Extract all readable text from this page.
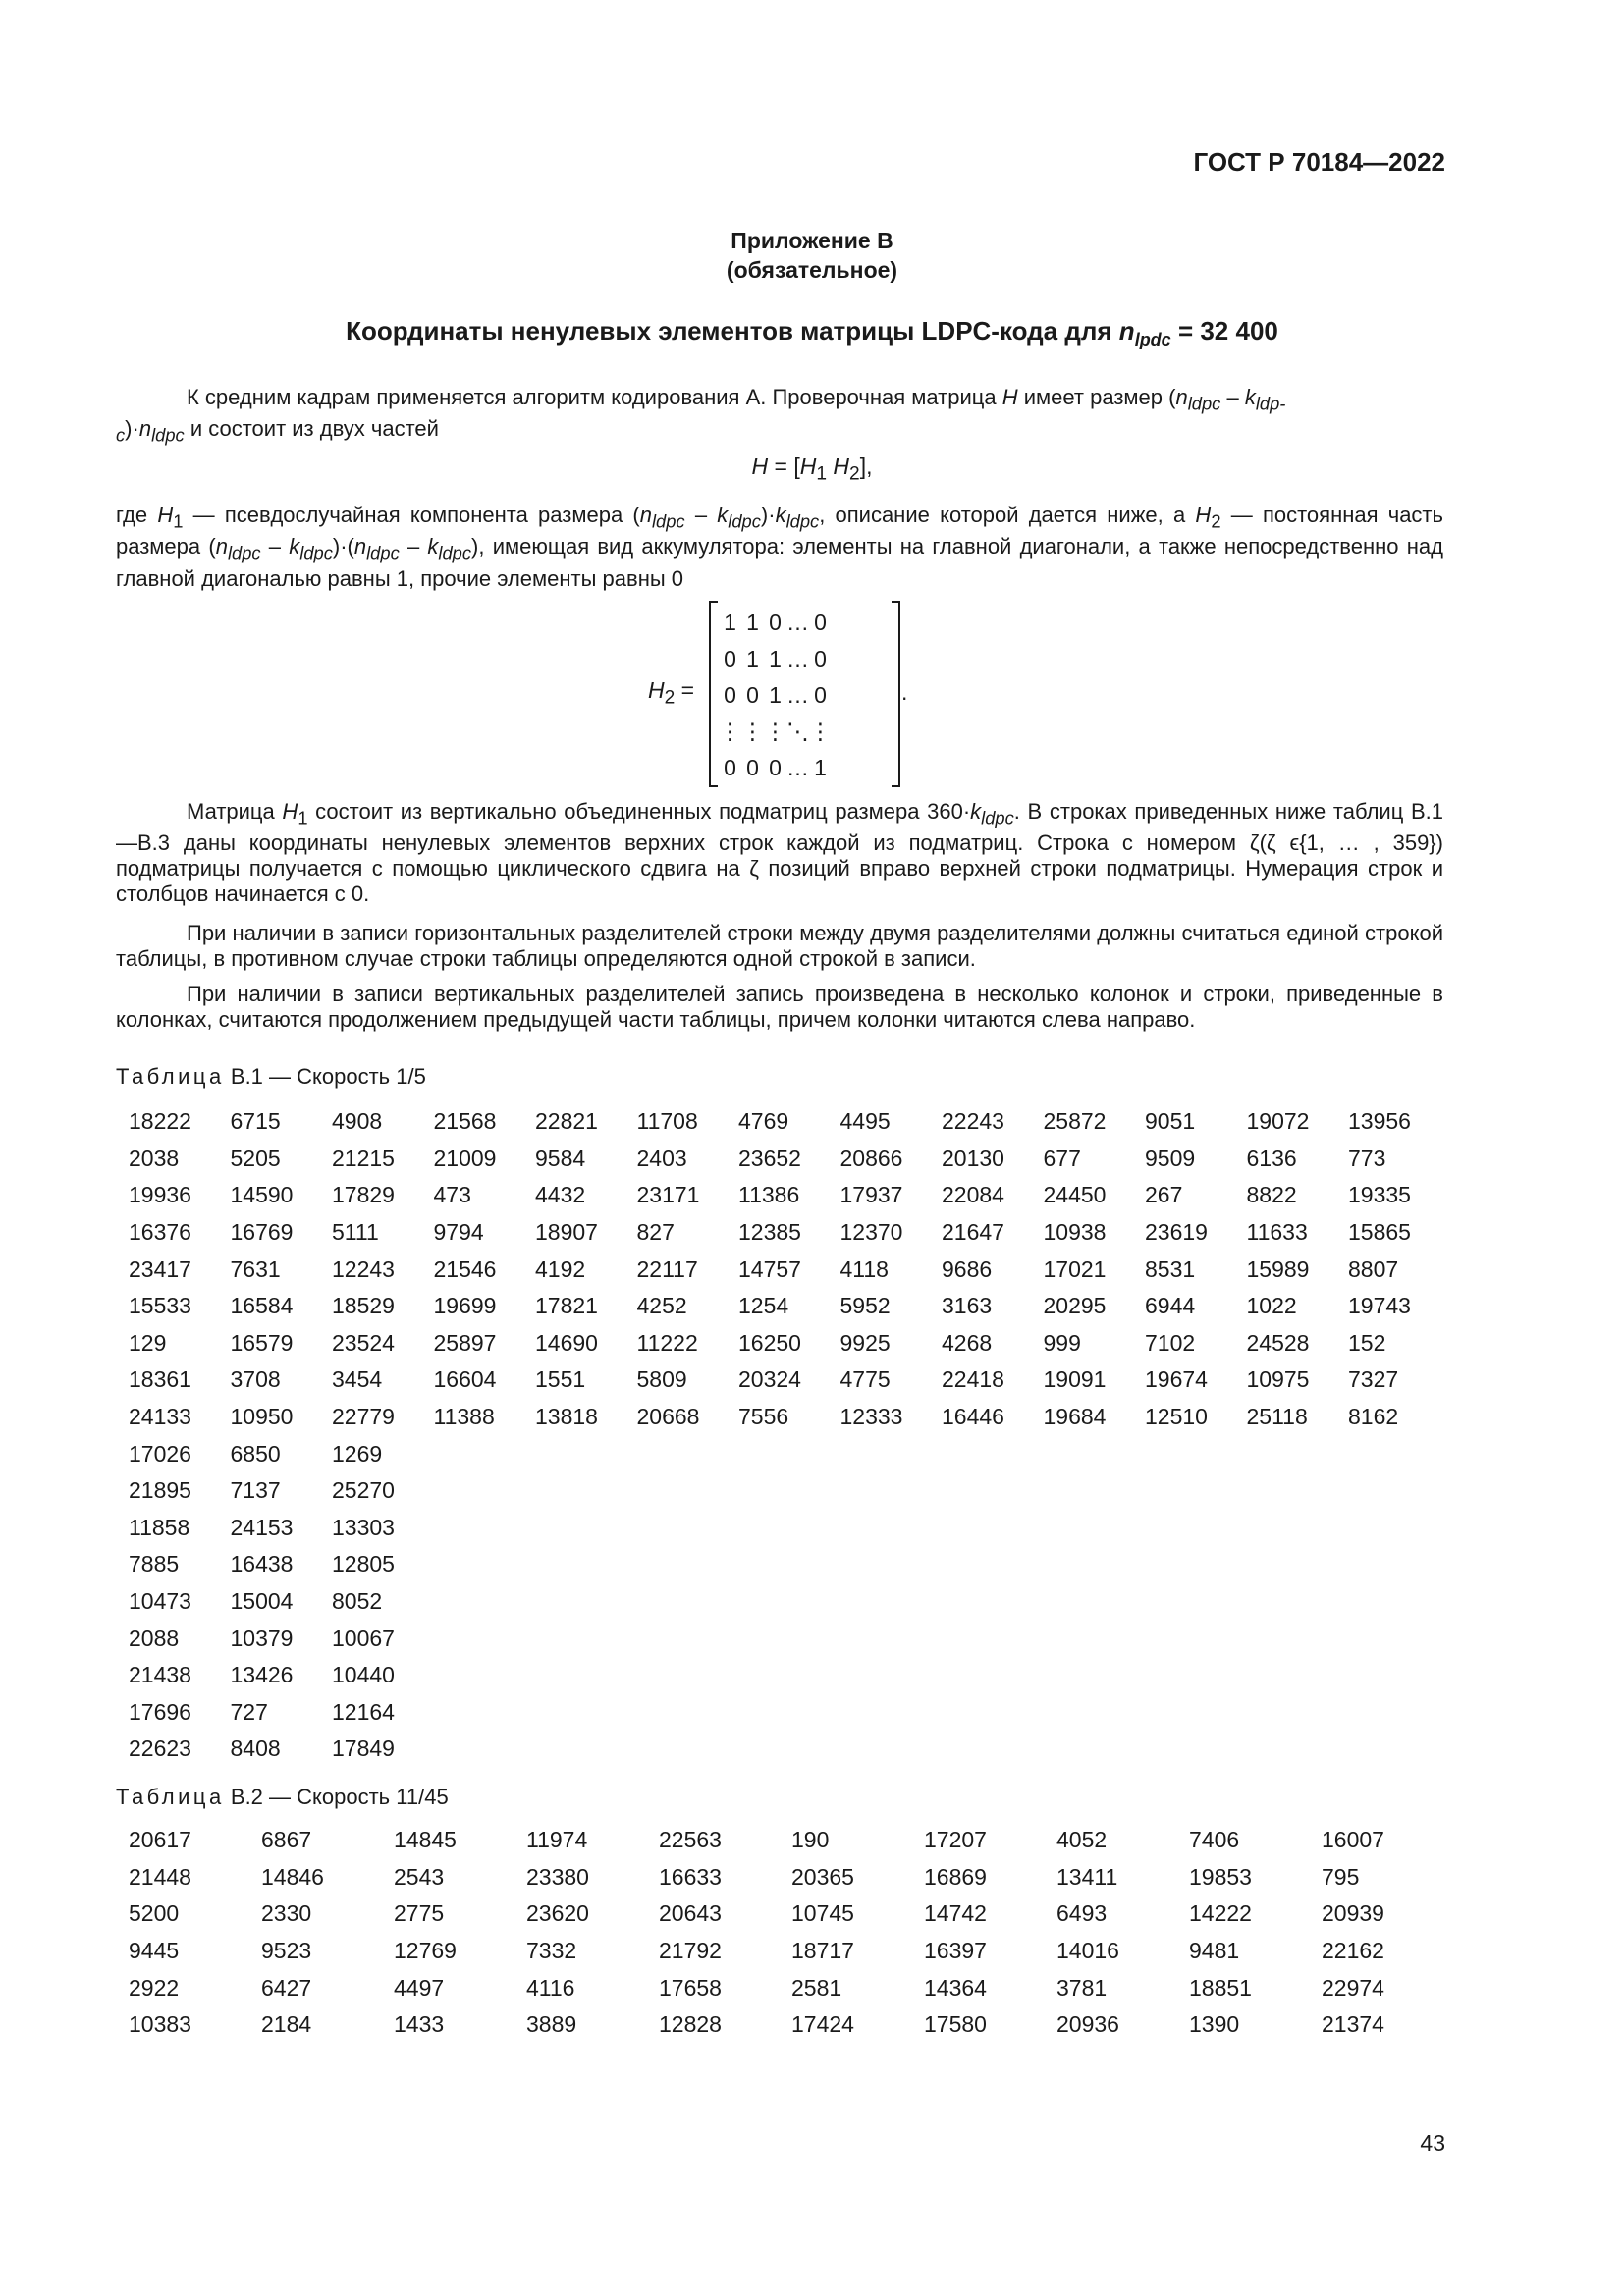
ГОСТ Р 70184—2022
Приложение В
(обязательное)
Координаты ненулевых элементов матрицы LDPC-кода для $n_{lpdc} = 32$ 400
К средним кадрам применяется алгоритм кодирования А. Проверочная матрица H имеет размер ($n_{ldpc} - k_{ldp-}$
$_c)\cdot n_{ldpc}$ и состоит из двух частей
$H = [H_1$ $H_2$],
где $H_1$ — псевдослучайная компонента размера $(n_{ldpc} - k_{ldpc})\cdot k_{ldpc}$, описание которой дается ниже, а $H_2$ — постоянная часть размера $(n_{ldpc} - k_{ldpc})\cdot(n_{ldpc} - k_{ldpc})$, имеющая вид аккумулятора: элементы на главной диагонали, а также непосредственно над главной диагональю равны 1, прочие элементы равны 0
$H_2$ =
1	1	0	…	0
0	1	1	…	0
0	0	1	…	0
⋮	⋮	⋮	⋱	⋮
0	0	0	…	1
.
Матрица $H_1$ состоит из вертикально объединенных подматриц размера $360\cdot k_{ldpc}$. В строках приведенных ниже таблиц В.1—В.3 даны координаты ненулевых элементов верхних строк каждой из подматриц. Строка с номером ζ(ζ ϵ{1, … , 359}) подматрицы получается с помощью циклического сдвига на ζ позиций вправо верхней строки подматрицы. Нумерация строк и столбцов начинается с 0.
При наличии в записи горизонтальных разделителей строки между двумя разделителями должны считаться единой строкой таблицы, в противном случае строки таблицы определяются одной строкой в записи.
При наличии в записи вертикальных разделителей запись произведена в несколько колонок и строки, приведенные в колонках, считаются продолжением предыдущей части таблицы, причем колонки читаются слева направо.
Таблица В.1 — Скорость 1/5
18222	6715	4908	21568	22821	11708	4769	4495	22243	25872	9051	19072	13956
2038	5205	21215	21009	9584	2403	23652	20866	20130	677	9509	6136	773
19936	14590	17829	473	4432	23171	11386	17937	22084	24450	267	8822	19335
16376	16769	5111	9794	18907	827	12385	12370	21647	10938	23619	11633	15865
23417	7631	12243	21546	4192	22117	14757	4118	9686	17021	8531	15989	8807
15533	16584	18529	19699	17821	4252	1254	5952	3163	20295	6944	1022	19743
129	16579	23524	25897	14690	11222	16250	9925	4268	999	7102	24528	152
18361	3708	3454	16604	1551	5809	20324	4775	22418	19091	19674	10975	7327
24133	10950	22779	11388	13818	20668	7556	12333	16446	19684	12510	25118	8162
17026	6850	1269										
21895	7137	25270										
11858	24153	13303										
7885	16438	12805										
10473	15004	8052										
2088	10379	10067										
21438	13426	10440										
17696	727	12164										
22623	8408	17849										
Таблица В.2 — Скорость 11/45
20617	6867	14845	11974	22563	190	17207	4052	7406	16007
21448	14846	2543	23380	16633	20365	16869	13411	19853	795
5200	2330	2775	23620	20643	10745	14742	6493	14222	20939
9445	9523	12769	7332	21792	18717	16397	14016	9481	22162
2922	6427	4497	4116	17658	2581	14364	3781	18851	22974
10383	2184	1433	3889	12828	17424	17580	20936	1390	21374
43
